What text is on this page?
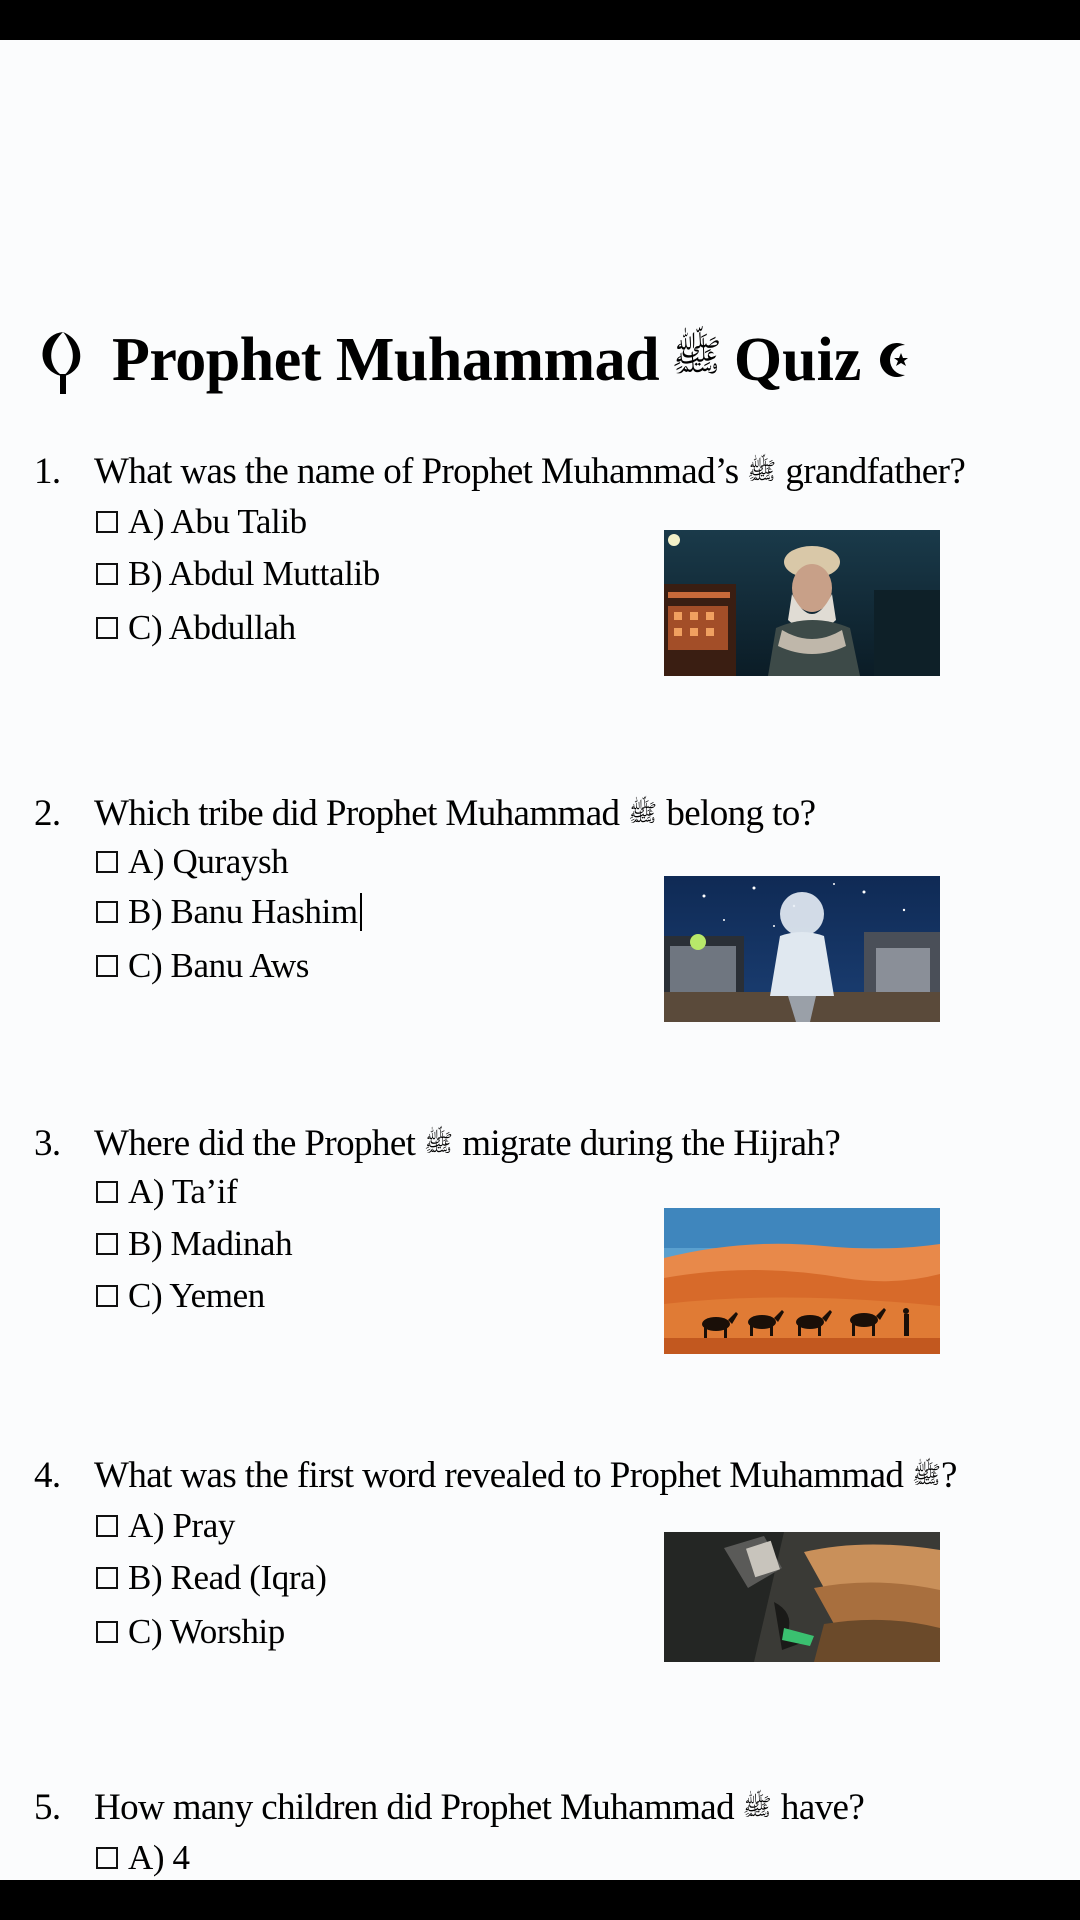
Prophet Muhammad ﷺ Quiz
1. What was the name of Prophet Muhammad’s ﷺ grandfather?
A) Abu Talib
B) Abdul Muttalib
C) Abdullah
2. Which tribe did Prophet Muhammad ﷺ belong to?
A) Quraysh
B) Banu Hashim
C) Banu Aws
3. Where did the Prophet ﷺ migrate during the Hijrah?
A) Ta’if
B) Madinah
C) Yemen
4. What was the first word revealed to Prophet Muhammad ﷺ?
A) Pray
B) Read (Iqra)
C) Worship
5. How many children did Prophet Muhammad ﷺ have?
A) 4
